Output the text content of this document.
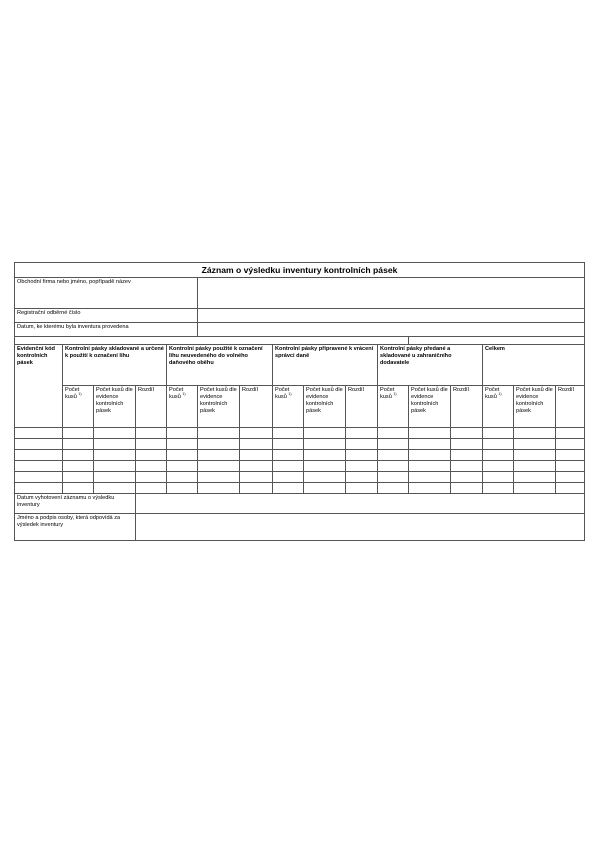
Záznam o výsledku inventury kontrolních pásek															
Obchodní firma nebo jméno, popřípadě název															
Registrační odběrné číslo															
Datum, ke kterému byla inventura provedena															

Evidenční kód kontrolních pásek	Kontrolní pásky skladované a určené k použití k označení lihu			Kontrolní pásky použité k označení lihu neuvedeného do volného daňového oběhu			Kontrolní pásky připravené k vrácení správci daně			Kontrolní pásky předané a skladované u zahraničního dodavatele			Celkem		
	Počet kusů $^{1)}$	Počet kusů dle evidence kontrolních pásek	Rozdíl	Počet kusů $^{1)}$	Počet kusů dle evidence kontrolních pásek	Rozdíl	Počet kusů $^{1)}$	Počet kusů dle evidence kontrolních pásek	Rozdíl	Počet kusů $^{1)}$	Počet kusů dle evidence kontrolních pásek	Rozdíl	Počet kusů $^{1)}$	Počet kusů dle evidence kontrolních pásek	Rozdíl

Datum vyhotovení záznamu o výsledku inventury															
Jméno a podpis osoby, která odpovídá za výsledek inventury															
